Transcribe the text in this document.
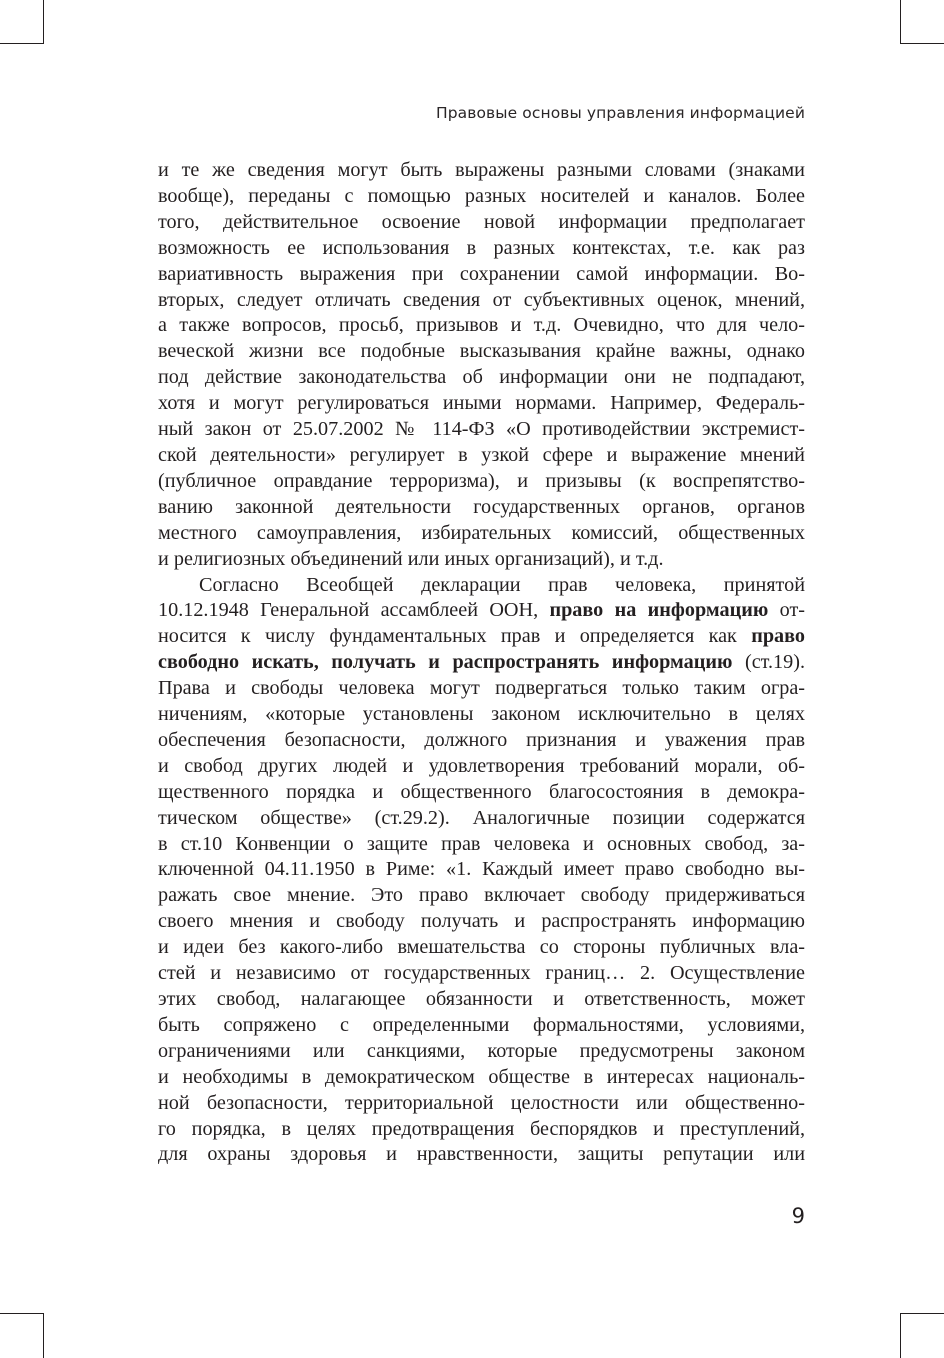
Правовые основы управления информацией
и те же сведения могут быть выражены разными словами (знаками
вообще), переданы с помощью разных носителей и каналов. Более
того, действительное освоение новой информации предполагает
возможность ее использования в разных контекстах, т.е. как раз
вариативность выражения при сохранении самой информации. Во-
вторых, следует отличать сведения от субъективных оценок, мнений,
а также вопросов, просьб, призывов и т.д. Очевидно, что для чело-
веческой жизни все подобные высказывания крайне важны, однако
под действие законодательства об информации они не подпадают,
хотя и могут регулироваться иными нормами. Например, Федераль-
ный закон от 25.07.2002 № 114-ФЗ «О противодействии экстремист-
ской деятельности» регулирует в узкой сфере и выражение мнений
(публичное оправдание терроризма), и призывы (к воспрепятство-
ванию законной деятельности государственных органов, органов
местного самоуправления, избирательных комиссий, общественных
и религиозных объединений или иных организаций), и т.д.
Согласно Всеобщей декларации прав человека, принятой
10.12.1948 Генеральной ассамблеей ООН, право на информацию от-
носится к числу фундаментальных прав и определяется как право
свободно искать, получать и распространять информацию (ст.19).
Права и свободы человека могут подвергаться только таким огра-
ничениям, «которые установлены законом исключительно в целях
обеспечения безопасности, должного признания и уважения прав
и свобод других людей и удовлетворения требований морали, об-
щественного порядка и общественного благосостояния в демокра-
тическом обществе» (ст.29.2). Аналогичные позиции содержатся
в ст.10 Конвенции о защите прав человека и основных свобод, за-
ключенной 04.11.1950 в Риме: «1. Каждый имеет право свободно вы-
ражать свое мнение. Это право включает свободу придерживаться
своего мнения и свободу получать и распространять информацию
и идеи без какого-либо вмешательства со стороны публичных вла-
стей и независимо от государственных границ… 2. Осуществление
этих свобод, налагающее обязанности и ответственность, может
быть сопряжено с определенными формальностями, условиями,
ограничениями или санкциями, которые предусмотрены законом
и необходимы в демократическом обществе в интересах националь-
ной безопасности, территориальной целостности или общественно-
го порядка, в целях предотвращения беспорядков и преступлений,
для охраны здоровья и нравственности, защиты репутации или
9
